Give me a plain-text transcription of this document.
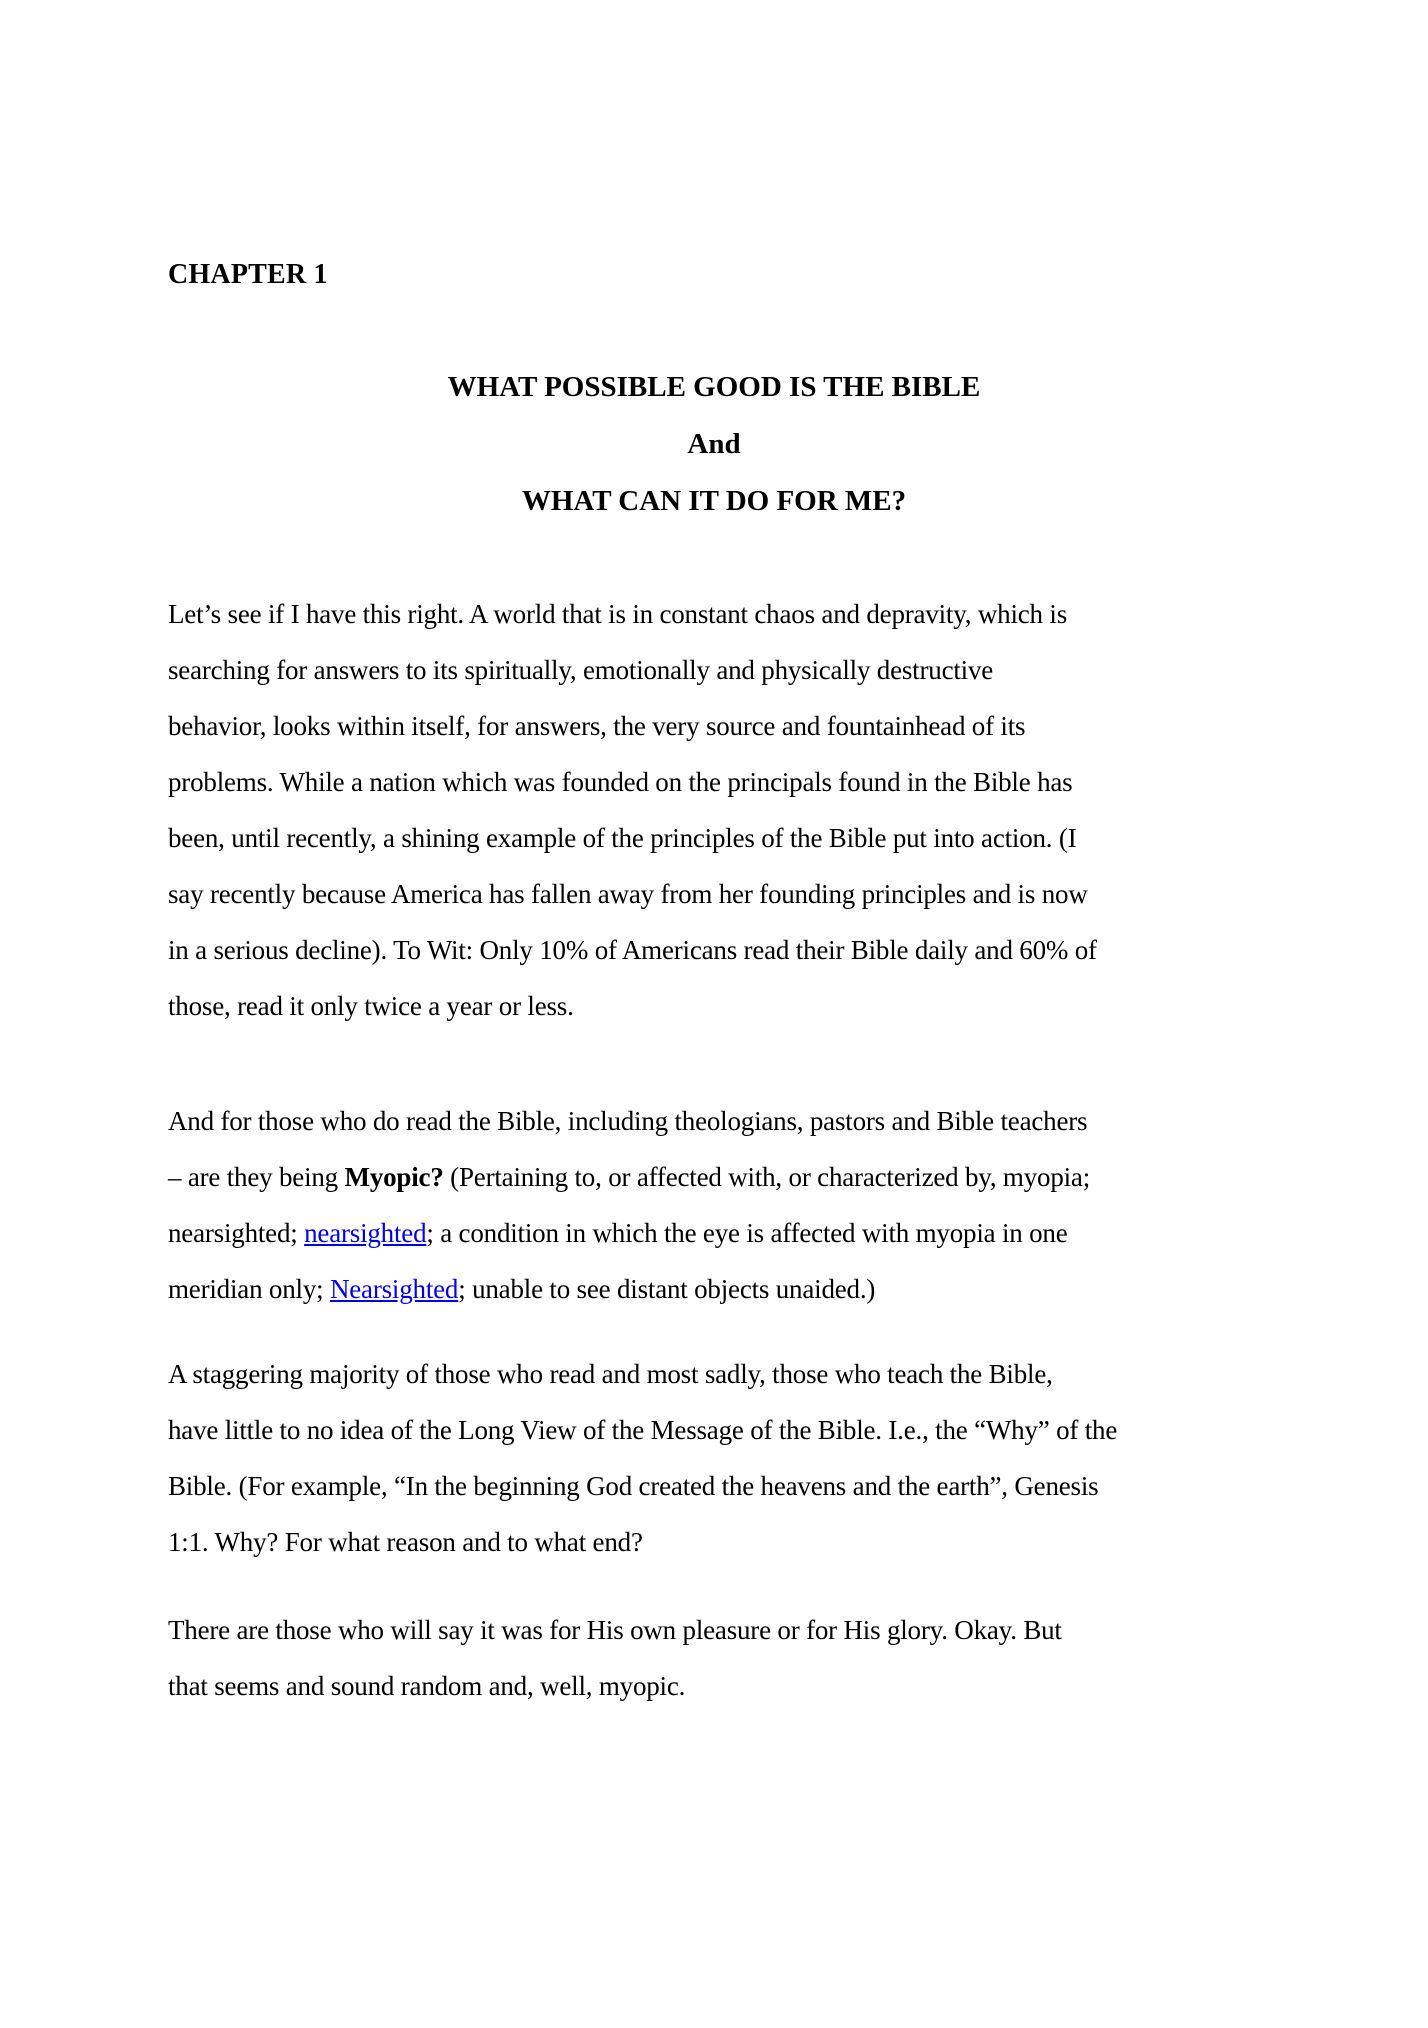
CHAPTER 1
WHAT POSSIBLE GOOD IS THE BIBLE
And
WHAT CAN IT DO FOR ME?
Let’s see if I have this right. A world that is in constant chaos and depravity, which is
searching for answers to its spiritually, emotionally and physically destructive
behavior, looks within itself, for answers, the very source and fountainhead of its
problems. While a nation which was founded on the principals found in the Bible has
been, until recently, a shining example of the principles of the Bible put into action. (I
say recently because America has fallen away from her founding principles and is now
in a serious decline). To Wit: Only 10% of Americans read their Bible daily and 60% of
those, read it only twice a year or less.
And for those who do read the Bible, including theologians, pastors and Bible teachers
– are they being Myopic? (Pertaining to, or affected with, or characterized by, myopia;
nearsighted; nearsighted; a condition in which the eye is affected with myopia in one
meridian only; Nearsighted; unable to see distant objects unaided.)
A staggering majority of those who read and most sadly, those who teach the Bible,
have little to no idea of the Long View of the Message of the Bible. I.e., the “Why” of the
Bible. (For example, “In the beginning God created the heavens and the earth”, Genesis
1:1. Why? For what reason and to what end?
There are those who will say it was for His own pleasure or for His glory. Okay. But
that seems and sound random and, well, myopic.
